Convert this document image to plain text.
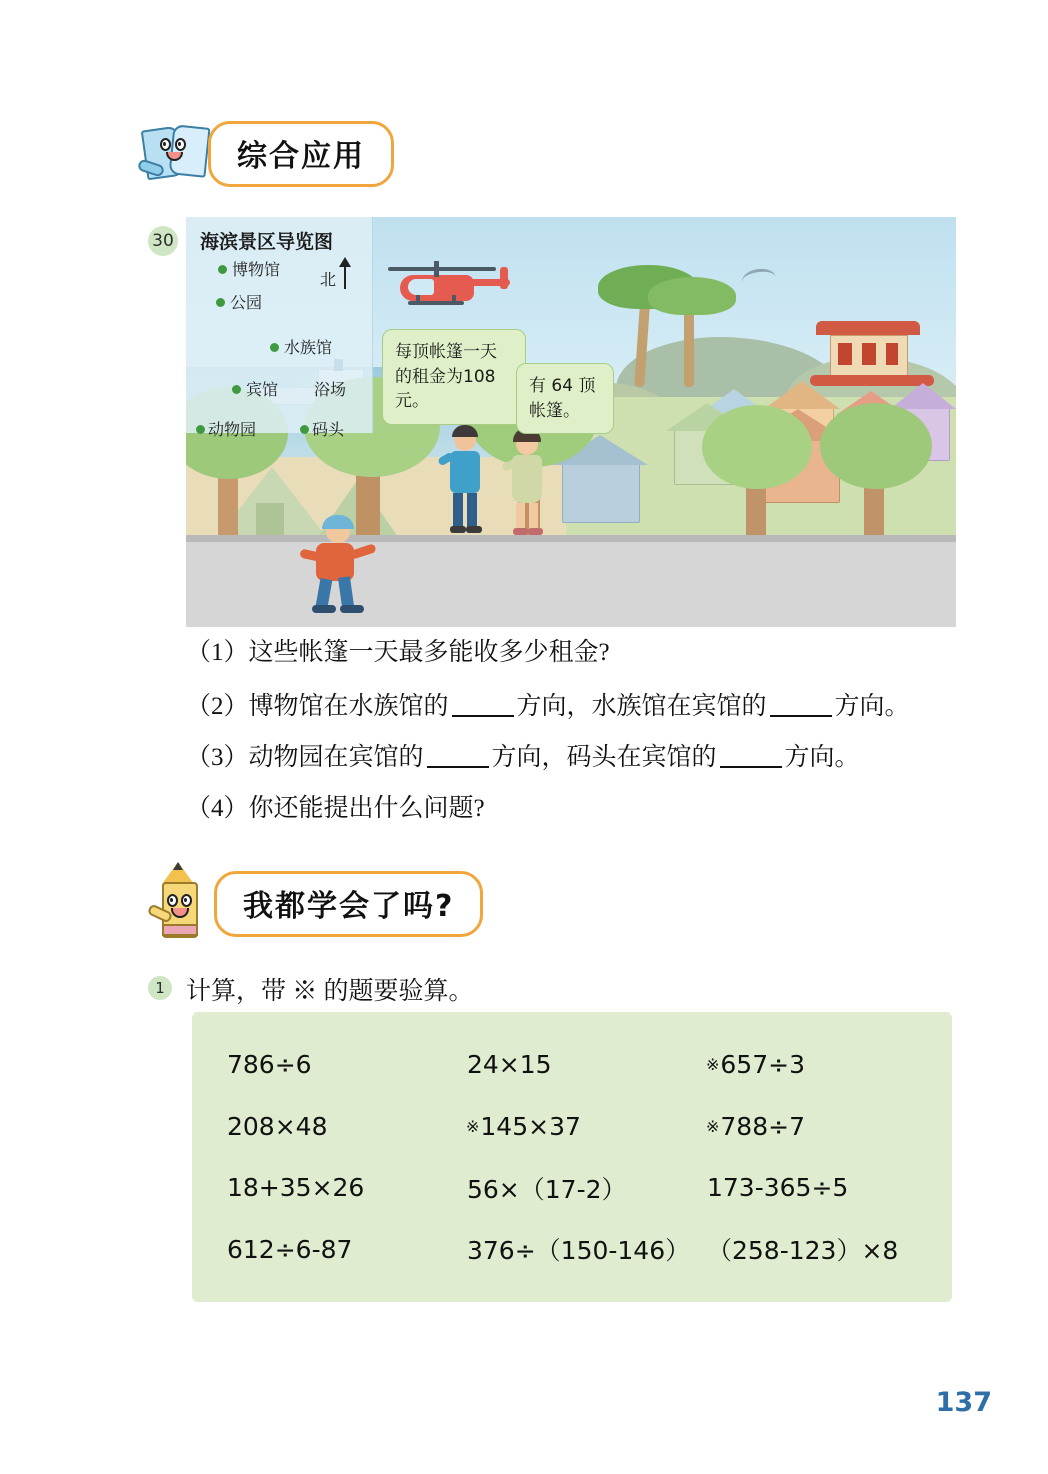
综合应用
30 海滨景区导览图
北
博物馆
公园
水族馆
宾馆 浴场
动物园	码头
每顶帐篷一天的租金为108元。
有 64 顶帐篷。
（1）这些帐篷一天最多能收多少租金?
（2）博物馆在水族馆的	方向，水族馆在宾馆的	方向。
（3）动物园在宾馆的	方向，码头在宾馆的	方向。
（4）你还能提出什么问题?
我都学会了吗?
1 计算，带 ※ 的题要验算。
786÷6	24×15	※ 657÷3
208×48	※ 145×37	※ 788÷7
18+35×26	56×（17-2）	173-365÷5
612÷6-87	376÷（150-146） （258-123）×8
137
